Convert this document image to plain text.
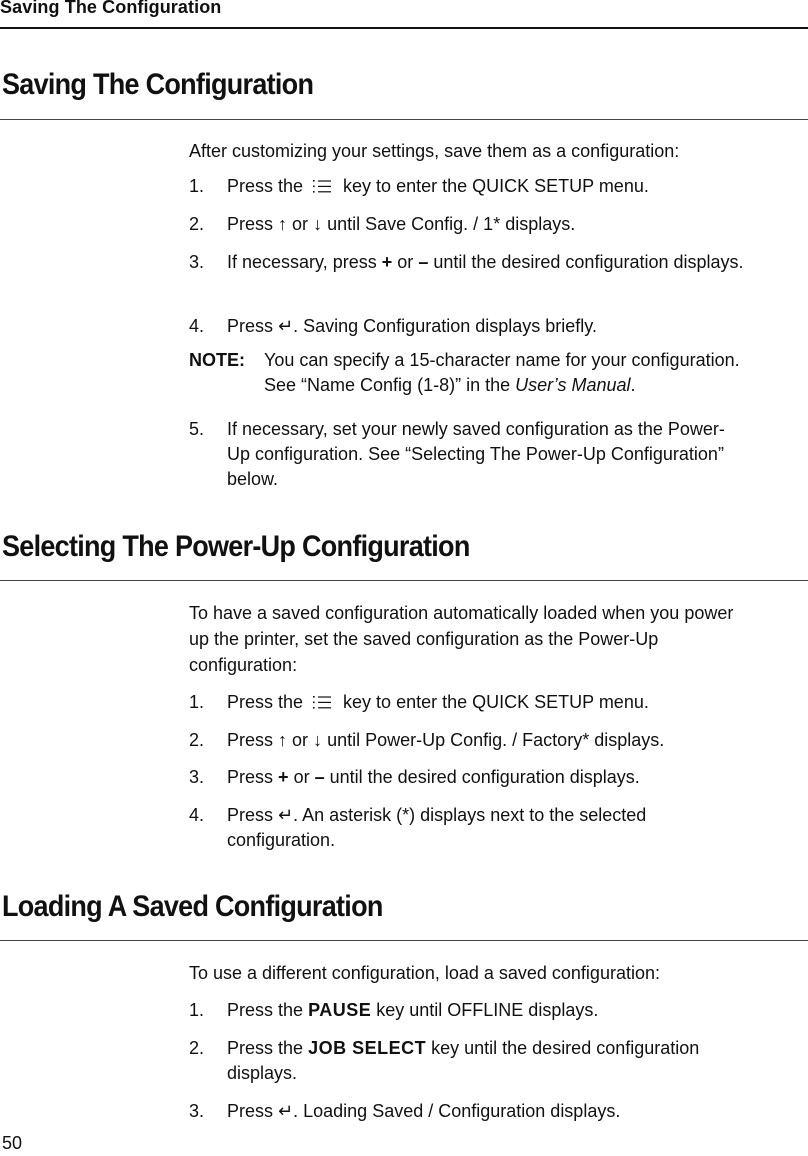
Saving The Configuration
Saving The Configuration

After customizing your settings, save them as a configuration:

1.	Press the key to enter the QUICK SETUP menu.
2.	Press ↑ or ↓ until Save Config. / 1* displays.
3.	If necessary, press + or – until the desired configuration displays.
4.	Press ↵. Saving Configuration displays briefly.
NOTE: You can specify a 15-character name for your configuration.
See “Name Config (1-8)” in the User’s Manual.
5.	If necessary, set your newly saved configuration as the Power-Up configuration. See “Selecting The Power-Up Configuration” below.
Selecting The Power-Up Configuration

To have a saved configuration automatically loaded when you power up the printer, set the saved configuration as the Power-Up configuration:

1.	Press the key to enter the QUICK SETUP menu.
2.	Press ↑ or ↓ until Power-Up Config. / Factory* displays.
3.	Press + or – until the desired configuration displays.
4.	Press ↵. An asterisk (*) displays next to the selected configuration.
Loading A Saved Configuration

To use a different configuration, load a saved configuration:

1.	Press the PAUSE key until OFFLINE displays.
2.	Press the JOB SELECT key until the desired configuration displays.
3.	Press ↵. Loading Saved / Configuration displays.
50
